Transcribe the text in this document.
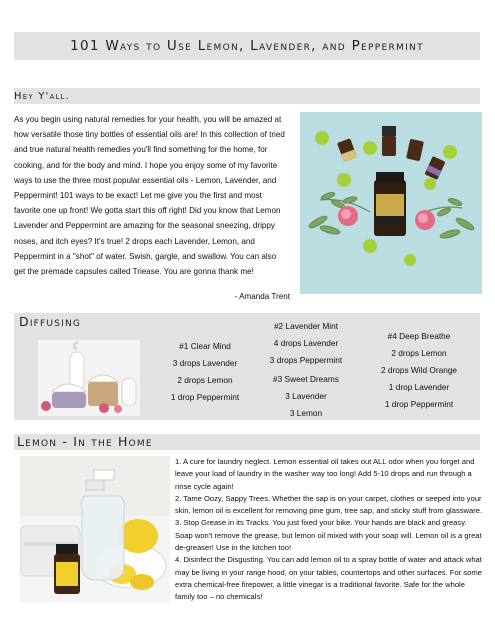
101 Ways to Use Lemon, Lavender, and Peppermint
Hey Y'all.

As you begin using natural remedies for your health, you will be amazed at how versatile those tiny bottles of essential oils are! In this collection of tried and true natural health remedies you'll find something for the home, for cooking, and for the body and mind. I hope you enjoy some of my favorite ways to use the three most popular essential oils - Lemon, Lavender, and Peppermint! 101 ways to be exact! Let me give you the first and most favorite one up front! We gotta start this off right! Did you know that Lemon Lavender and Peppermint are amazing for the seasonal sneezing, drippy noses, and itch eyes? It's true! 2 drops each Lavender, Lemon, and Peppermint in a "shot" of water. Swish, gargle, and swallow. You can also get the premade capsules called Triease. You are gonna thank me!

- Amanda Trent
Diffusing
#1 Clear Mind
3 drops Lavender
2 drops Lemon
1 drop Peppermint
#2 Lavender Mint
4 drops Lavender
3 drops Peppermint
#3 Sweet Dreams
3 Lavender
3 Lemon
#4 Deep Breathe
2 drops Lemon
2 drops Wild Orange
1 drop Lavender
1 drop Peppermint
Lemon - In the Home

1. A cure for laundry neglect. Lemon essential oil takes out ALL odor when you forget and leave your load of laundry in the washer way too long! Add 5-10 drops and run through a rinse cycle again!

2. Tame Oozy, Sappy Trees. Whether the sap is on your carpet, clothes or seeped into your skin, lemon oil is excellent for removing pine gum, tree sap, and sticky stuff from glassware.

3. Stop Grease in its Tracks. You just fixed your bike. Your hands are black and greasy. Soap won't remove the grease, but lemon oil mixed with your soap will. Lemon oil is a great de-greaser! Use in the kitchen too!

4. Disinfect the Disgusting. You can add lemon oil to a spray bottle of water and attack what may be living in your range hood, on your tables, countertops and other surfaces. For some extra chemical-free firepower, a little vinegar is a traditional favorite. Safe for the whole family too – no chemicals!
